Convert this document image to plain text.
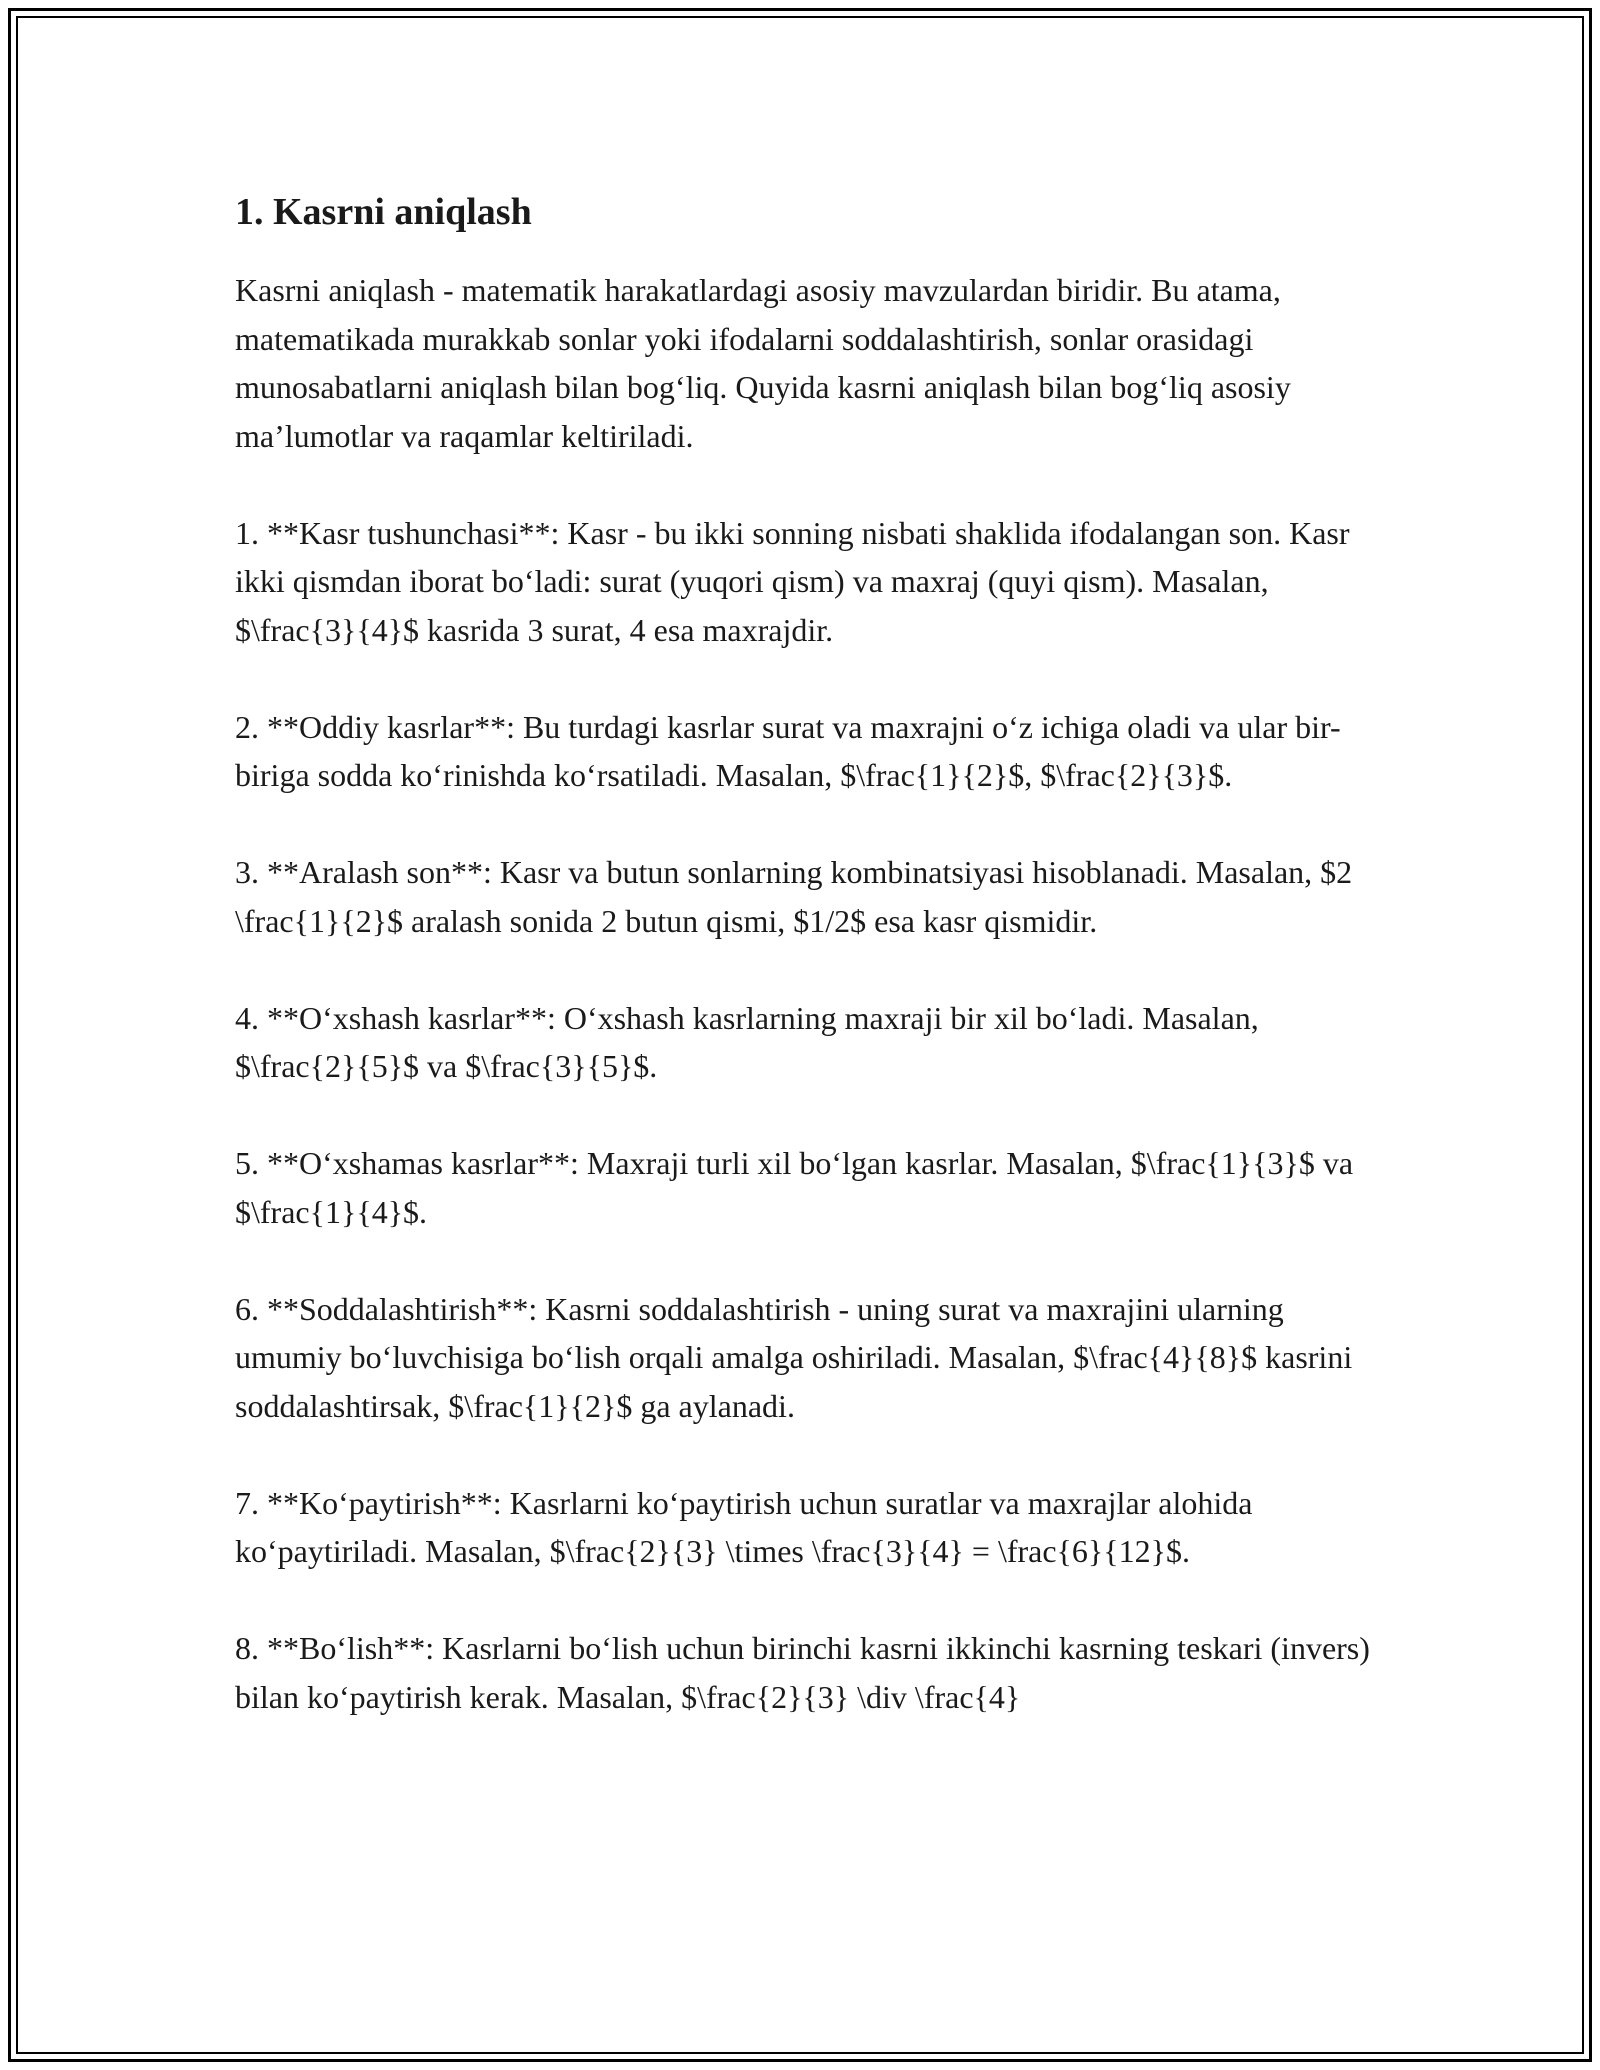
1. Kasrni aniqlash

Kasrni aniqlash - matematik harakatlardagi asosiy mavzulardan biridir. Bu atama, matematikada murakkab sonlar yoki ifodalarni soddalashtirish, sonlar orasidagi munosabatlarni aniqlash bilan bog‘liq. Quyida kasrni aniqlash bilan bog‘liq asosiy ma’lumotlar va raqamlar keltiriladi.

1. **Kasr tushunchasi**: Kasr - bu ikki sonning nisbati shaklida ifodalangan son. Kasr ikki qismdan iborat bo‘ladi: surat (yuqori qism) va maxraj (quyi qism). Masalan, $\frac{3}{4}$ kasrida 3 surat, 4 esa maxrajdir.

2. **Oddiy kasrlar**: Bu turdagi kasrlar surat va maxrajni o‘z ichiga oladi va ular bir-biriga sodda ko‘rinishda ko‘rsatiladi. Masalan, $\frac{1}{2}$, $\frac{2}{3}$.

3. **Aralash son**: Kasr va butun sonlarning kombinatsiyasi hisoblanadi. Masalan, $2 \frac{1}{2}$ aralash sonida 2 butun qismi, $1/2$ esa kasr qismidir.

4. **O‘xshash kasrlar**: O‘xshash kasrlarning maxraji bir xil bo‘ladi. Masalan, $\frac{2}{5}$ va $\frac{3}{5}$.

5. **O‘xshamas kasrlar**: Maxraji turli xil bo‘lgan kasrlar. Masalan, $\frac{1}{3}$ va $\frac{1}{4}$.

6. **Soddalashtirish**: Kasrni soddalashtirish - uning surat va maxrajini ularning umumiy bo‘luvchisiga bo‘lish orqali amalga oshiriladi. Masalan, $\frac{4}{8}$ kasrini soddalashtirsak, $\frac{1}{2}$ ga aylanadi.

7. **Ko‘paytirish**: Kasrlarni ko‘paytirish uchun suratlar va maxrajlar alohida ko‘paytiriladi. Masalan, $\frac{2}{3} \times \frac{3}{4} = \frac{6}{12}$.

8. **Bo‘lish**: Kasrlarni bo‘lish uchun birinchi kasrni ikkinchi kasrning teskari (invers) bilan ko‘paytirish kerak. Masalan, $\frac{2}{3} \div \frac{4}
